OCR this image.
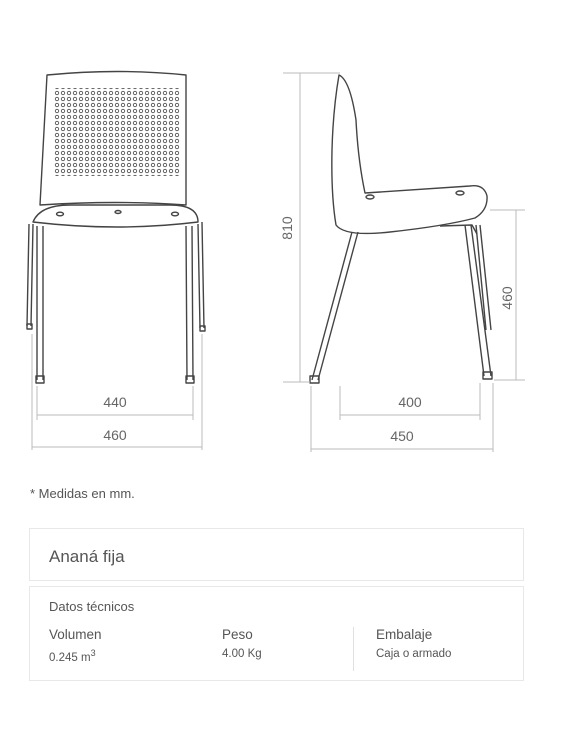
440
460
400
450
810
460
* Medidas en mm.
Ananá fija
Datos técnicos
Volumen
0.245 $m^3$
Peso
4.00 Kg
Embalaje
Caja o armado
